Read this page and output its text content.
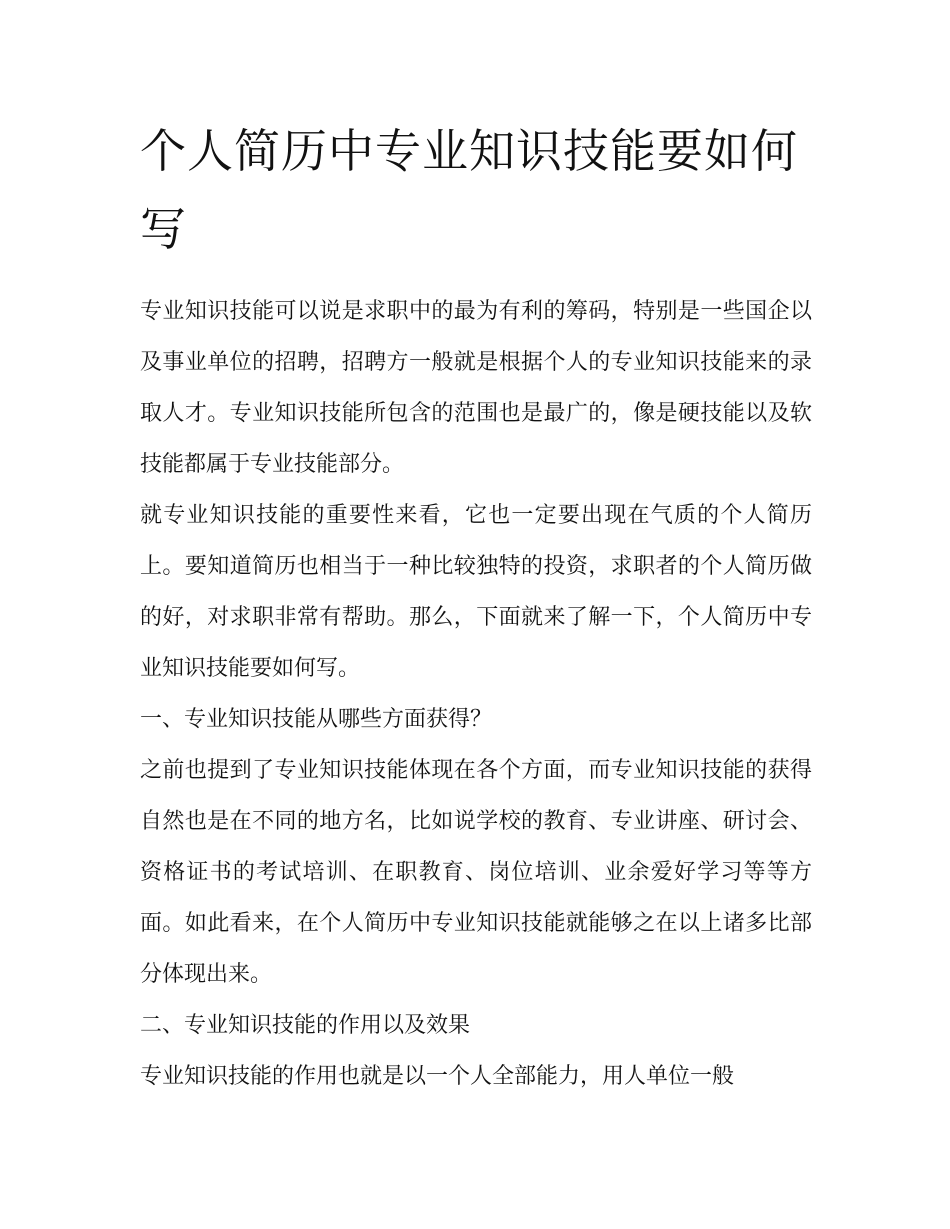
个人简历中专业知识技能要如何写

专业知识技能可以说是求职中的最为有利的筹码，特别是一些国企以及事业单位的招聘，招聘方一般就是根据个人的专业知识技能来的录取人才。专业知识技能所包含的范围也是最广的，像是硬技能以及软技能都属于专业技能部分。

就专业知识技能的重要性来看，它也一定要出现在气质的个人简历上。要知道简历也相当于一种比较独特的投资，求职者的个人简历做的好，对求职非常有帮助。那么，下面就来了解一下，个人简历中专业知识技能要如何写。

一、专业知识技能从哪些方面获得？

之前也提到了专业知识技能体现在各个方面，而专业知识技能的获得自然也是在不同的地方名，比如说学校的教育、专业讲座、研讨会、资格证书的考试培训、在职教育、岗位培训、业余爱好学习等等方面。如此看来，在个人简历中专业知识技能就能够之在以上诸多比部分体现出来。

二、专业知识技能的作用以及效果

专业知识技能的作用也就是以一个人全部能力，用人单位一般
